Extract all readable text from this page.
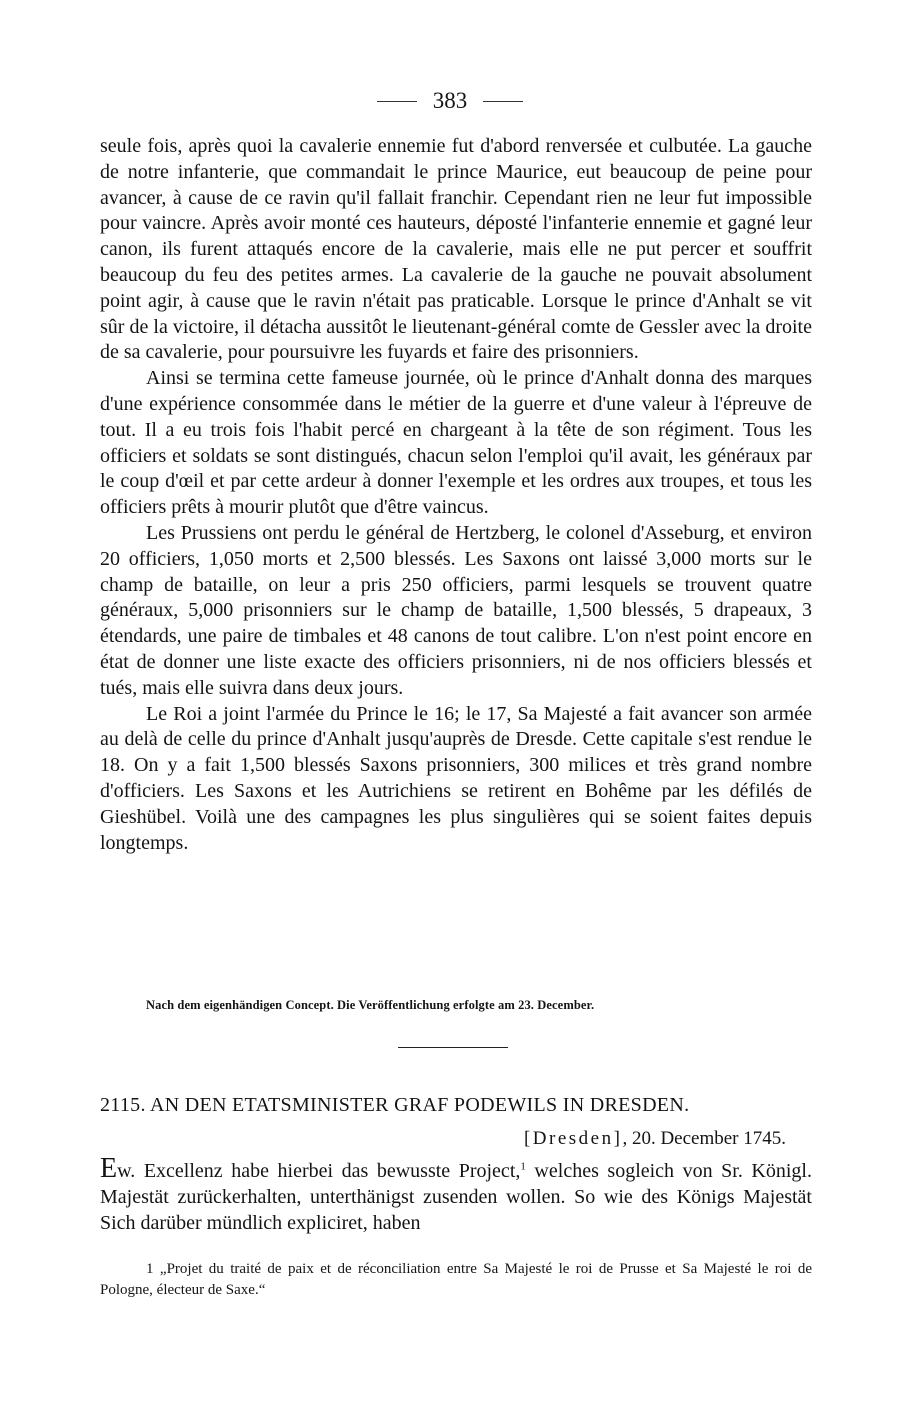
383

seule fois, après quoi la cavalerie ennemie fut d'abord renversée et culbutée. La gauche de notre infanterie, que commandait le prince Maurice, eut beaucoup de peine pour avancer, à cause de ce ravin qu'il fallait franchir. Cependant rien ne leur fut impossible pour vaincre. Après avoir monté ces hauteurs, déposté l'infanterie ennemie et gagné leur canon, ils furent attaqués encore de la cavalerie, mais elle ne put percer et souffrit beaucoup du feu des petites armes. La cavalerie de la gauche ne pouvait absolument point agir, à cause que le ravin n'était pas praticable. Lorsque le prince d'Anhalt se vit sûr de la victoire, il détacha aussitôt le lieutenant-général comte de Gessler avec la droite de sa cavalerie, pour poursuivre les fuyards et faire des prisonniers.

Ainsi se termina cette fameuse journée, où le prince d'Anhalt donna des marques d'une expérience consommée dans le métier de la guerre et d'une valeur à l'épreuve de tout. Il a eu trois fois l'habit percé en chargeant à la tête de son régiment. Tous les officiers et soldats se sont distingués, chacun selon l'emploi qu'il avait, les généraux par le coup d'œil et par cette ardeur à donner l'exemple et les ordres aux troupes, et tous les officiers prêts à mourir plutôt que d'être vaincus.

Les Prussiens ont perdu le général de Hertzberg, le colonel d'Asseburg, et environ 20 officiers, 1,050 morts et 2,500 blessés. Les Saxons ont laissé 3,000 morts sur le champ de bataille, on leur a pris 250 officiers, parmi lesquels se trouvent quatre généraux, 5,000 prisonniers sur le champ de bataille, 1,500 blessés, 5 drapeaux, 3 étendards, une paire de timbales et 48 canons de tout calibre. L'on n'est point encore en état de donner une liste exacte des officiers prisonniers, ni de nos officiers blessés et tués, mais elle suivra dans deux jours.

Le Roi a joint l'armée du Prince le 16; le 17, Sa Majesté a fait avancer son armée au delà de celle du prince d'Anhalt jusqu'auprès de Dresde. Cette capitale s'est rendue le 18. On y a fait 1,500 blessés Saxons prisonniers, 300 milices et très grand nombre d'officiers. Les Saxons et les Autrichiens se retirent en Bohême par les défilés de Gieshübel. Voilà une des campagnes les plus singulières qui se soient faites depuis longtemps.

Nach dem eigenhändigen Concept. Die Veröffentlichung erfolgte am 23. December.
2115. AN DEN ETATSMINISTER GRAF PODEWILS IN DRESDEN.
[Dresden], 20. December 1745.

Ew. Excellenz habe hierbei das bewusste Project,$^1$ welches sogleich von Sr. Königl. Majestät zurückerhalten, unterthänigst zusenden wollen. So wie des Königs Majestät Sich darüber mündlich expliciret, haben

1 „Projet du traité de paix et de réconciliation entre Sa Majesté le roi de Prusse et Sa Majesté le roi de Pologne, électeur de Saxe.“
